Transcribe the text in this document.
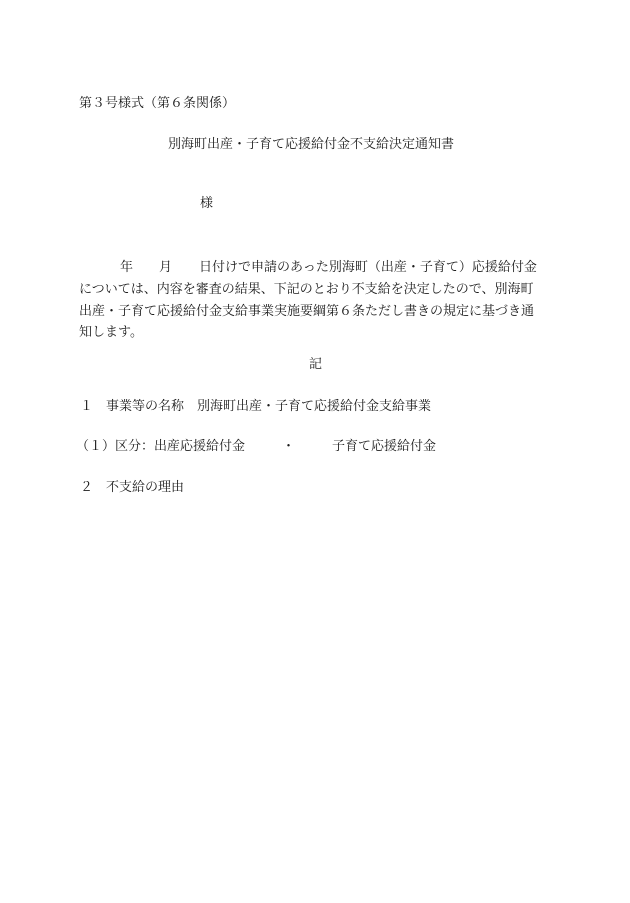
第３号様式（第６条関係）
別海町出産・子育て応援給付金不支給決定通知書
様
年 月 日付けで申請のあった別海町（出産・子育て）応援給付金
については、内容を審査の結果、下記のとおり不支給を決定したので、別海町
出産・子育て応援給付金支給事業実施要綱第６条ただし書きの規定に基づき通
知します。
記
１ 事業等の名称　別海町出産・子育て応援給付金支給事業
（１）区分：出産応援給付金	・	子育て応援給付金
２ 不支給の理由
